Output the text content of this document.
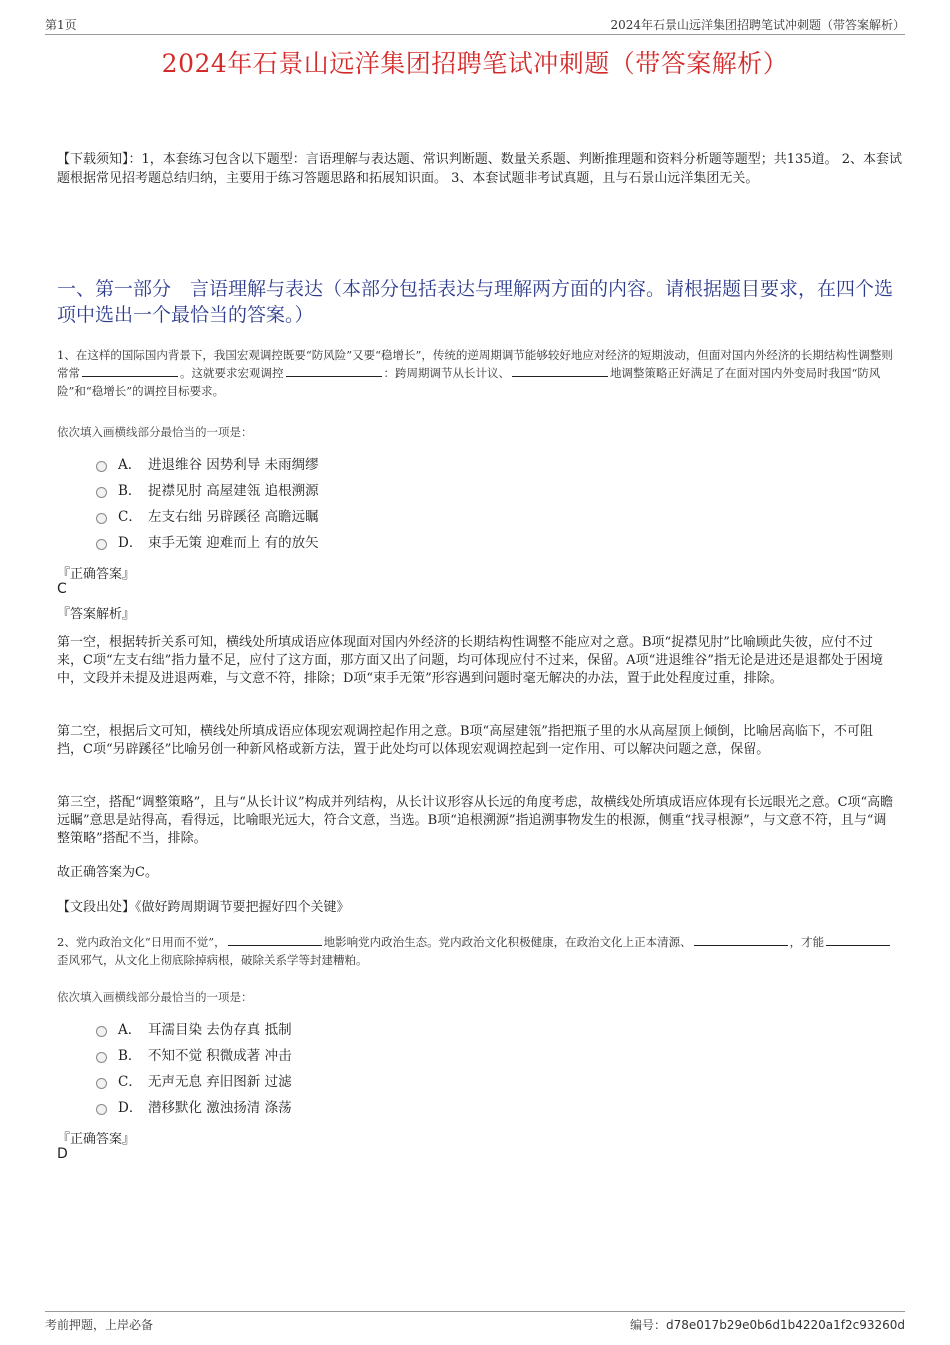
第1页	2024年石景山远洋集团招聘笔试冲刺题（带答案解析）
2024年石景山远洋集团招聘笔试冲刺题（带答案解析）
【下载须知】：1，本套练习包含以下题型：言语理解与表达题、常识判断题、数量关系题、判断推理题和资料分析题等题型；共135道。 2、本套试题根据常见招考题总结归纳，主要用于练习答题思路和拓展知识面。 3、本套试题非考试真题，且与石景山远洋集团无关。
一、第一部分　言语理解与表达（本部分包括表达与理解两方面的内容。请根据题目要求，在四个选项中选出一个最恰当的答案。）
1、在这样的国际国内背景下，我国宏观调控既要“防风险”又要“稳增长”，传统的逆周期调节能够较好地应对经济的短期波动，但面对国内外经济的长期结构性调整则常常	。这就要求宏观调控	：跨周期调节从长计议、	地调整策略正好满足了在面对国内外变局时我国“防风险”和“稳增长”的调控目标要求。
依次填入画横线部分最恰当的一项是：
A． 进退维谷 因势利导 未雨绸缪
B． 捉襟见肘 高屋建瓴 追根溯源
C． 左支右绌 另辟蹊径 高瞻远瞩
D． 束手无策 迎难而上 有的放矢
『正确答案』
C
『答案解析』
第一空，根据转折关系可知，横线处所填成语应体现面对国内外经济的长期结构性调整不能应对之意。B项“捉襟见肘”比喻顾此失彼，应付不过来，C项“左支右绌”指力量不足，应付了这方面，那方面又出了问题，均可体现应付不过来，保留。A项“进退维谷”指无论是进还是退都处于困境中，文段并未提及进退两难，与文意不符，排除；D项“束手无策”形容遇到问题时毫无解决的办法，置于此处程度过重，排除。
第二空，根据后文可知，横线处所填成语应体现宏观调控起作用之意。B项“高屋建瓴”指把瓶子里的水从高屋顶上倾倒，比喻居高临下，不可阻挡，C项“另辟蹊径”比喻另创一种新风格或新方法，置于此处均可以体现宏观调控起到一定作用、可以解决问题之意，保留。
第三空，搭配“调整策略”，且与“从长计议”构成并列结构，从长计议形容从长远的角度考虑，故横线处所填成语应体现有长远眼光之意。C项“高瞻远瞩”意思是站得高，看得远，比喻眼光远大，符合文意，当选。B项“追根溯源”指追溯事物发生的根源，侧重“找寻根源”，与文意不符，且与“调整策略”搭配不当，排除。
故正确答案为C。
【文段出处】《做好跨周期调节要把握好四个关键》
2、党内政治文化“日用而不觉”，	地影响党内政治生态。党内政治文化积极健康，在政治文化上正本清源、	，才能歪风邪气，从文化上彻底除掉病根，破除关系学等封建糟粕。
依次填入画横线部分最恰当的一项是：
A． 耳濡目染 去伪存真 抵制
B． 不知不觉 积微成著 冲击
C． 无声无息 弃旧图新 过滤
D． 潜移默化 激浊扬清 涤荡
『正确答案』
D
考前押题，上岸必备	编号：d78e017b29e0b6d1b4220a1f2c93260d
